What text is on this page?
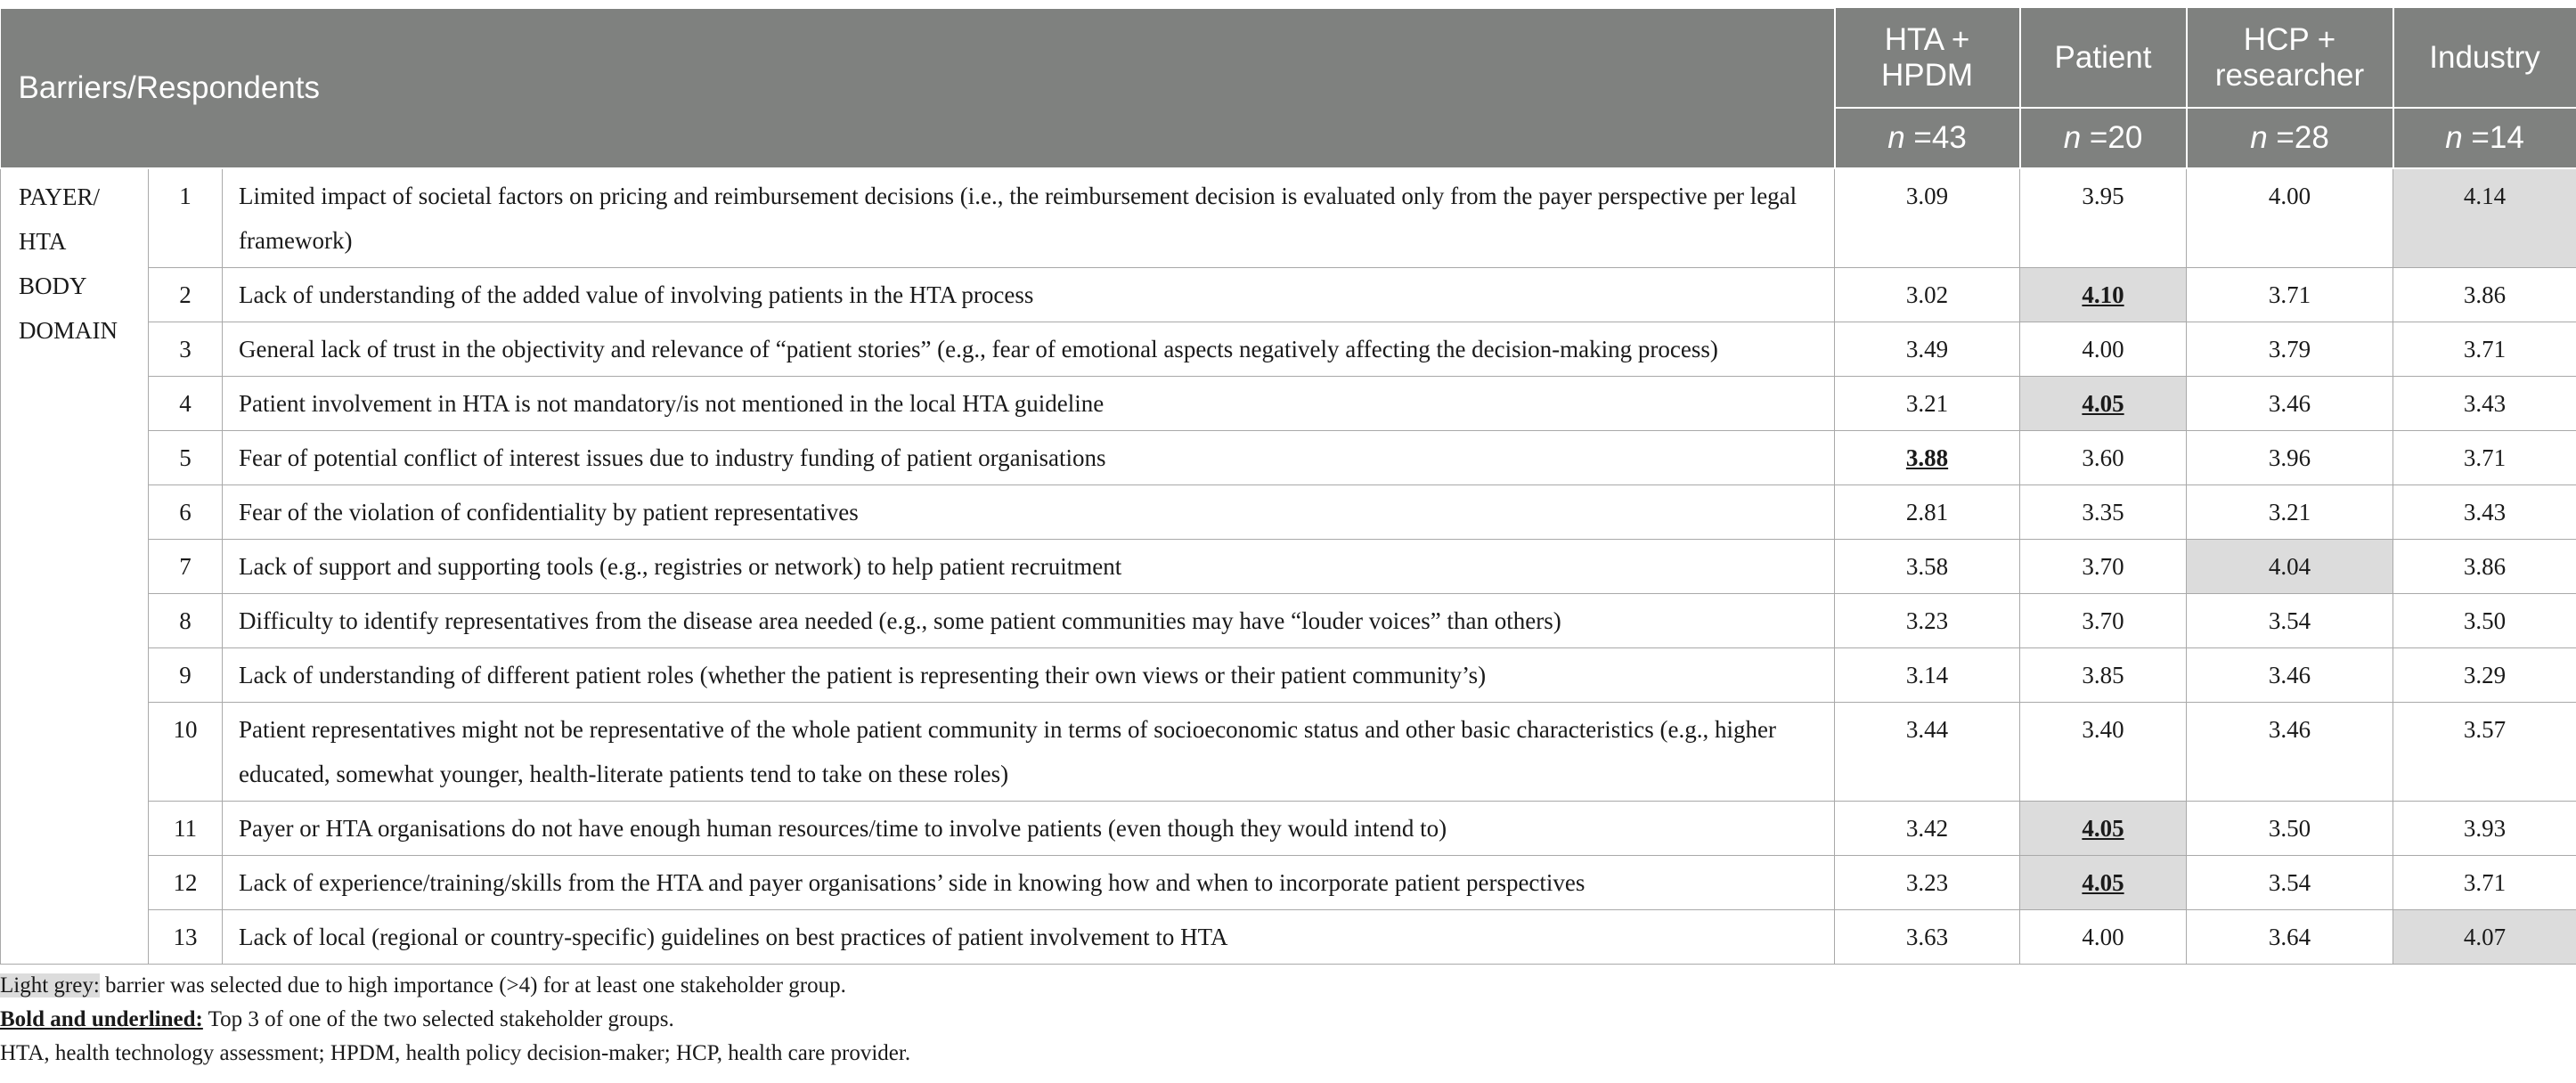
Barriers/Respondents			HTA + HPDM	Patient	HCP + researcher	Industry
			n =43	n =20	n =28	n =14
PAYER/ HTA BODY DOMAIN	1	Limited impact of societal factors on pricing and reimbursement decisions (i.e., the reimbursement decision is evaluated only from the payer perspective per legal framework)	3.09	3.95	4.00	4.14

	2	Lack of understanding of the added value of involving patients in the HTA process	3.02	4.10	3.71	3.86

	3	General lack of trust in the objectivity and relevance of “patient stories” (e.g., fear of emotional aspects negatively affecting the decision-making process)	3.49	4.00	3.79	3.71

	4	Patient involvement in HTA is not mandatory/is not mentioned in the local HTA guideline	3.21	4.05	3.46	3.43

	5	Fear of potential conflict of interest issues due to industry funding of patient organisations	3.88	3.60	3.96	3.71

	6	Fear of the violation of confidentiality by patient representatives	2.81	3.35	3.21	3.43

	7	Lack of support and supporting tools (e.g., registries or network) to help patient recruitment	3.58	3.70	4.04	3.86

	8	Difficulty to identify representatives from the disease area needed (e.g., some patient communities may have “louder voices” than others)	3.23	3.70	3.54	3.50

	9	Lack of understanding of different patient roles (whether the patient is representing their own views or their patient community’s)	3.14	3.85	3.46	3.29

	10	Patient representatives might not be representative of the whole patient community in terms of socioeconomic status and other basic characteristics (e.g., higher educated, somewhat younger, health-literate patients tend to take on these roles)	3.44	3.40	3.46	3.57

	11	Payer or HTA organisations do not have enough human resources/time to involve patients (even though they would intend to)	3.42	4.05	3.50	3.93

	12	Lack of experience/training/skills from the HTA and payer organisations’ side in knowing how and when to incorporate patient perspectives	3.23	4.05	3.54	3.71

	13	Lack of local (regional or country-specific) guidelines on best practices of patient involvement to HTA	3.63	4.00	3.64	4.07
Light grey: barrier was selected due to high importance (>4) for at least one stakeholder group.
Bold and underlined: Top 3 of one of the two selected stakeholder groups.
HTA, health technology assessment; HPDM, health policy decision-maker; HCP, health care provider.
